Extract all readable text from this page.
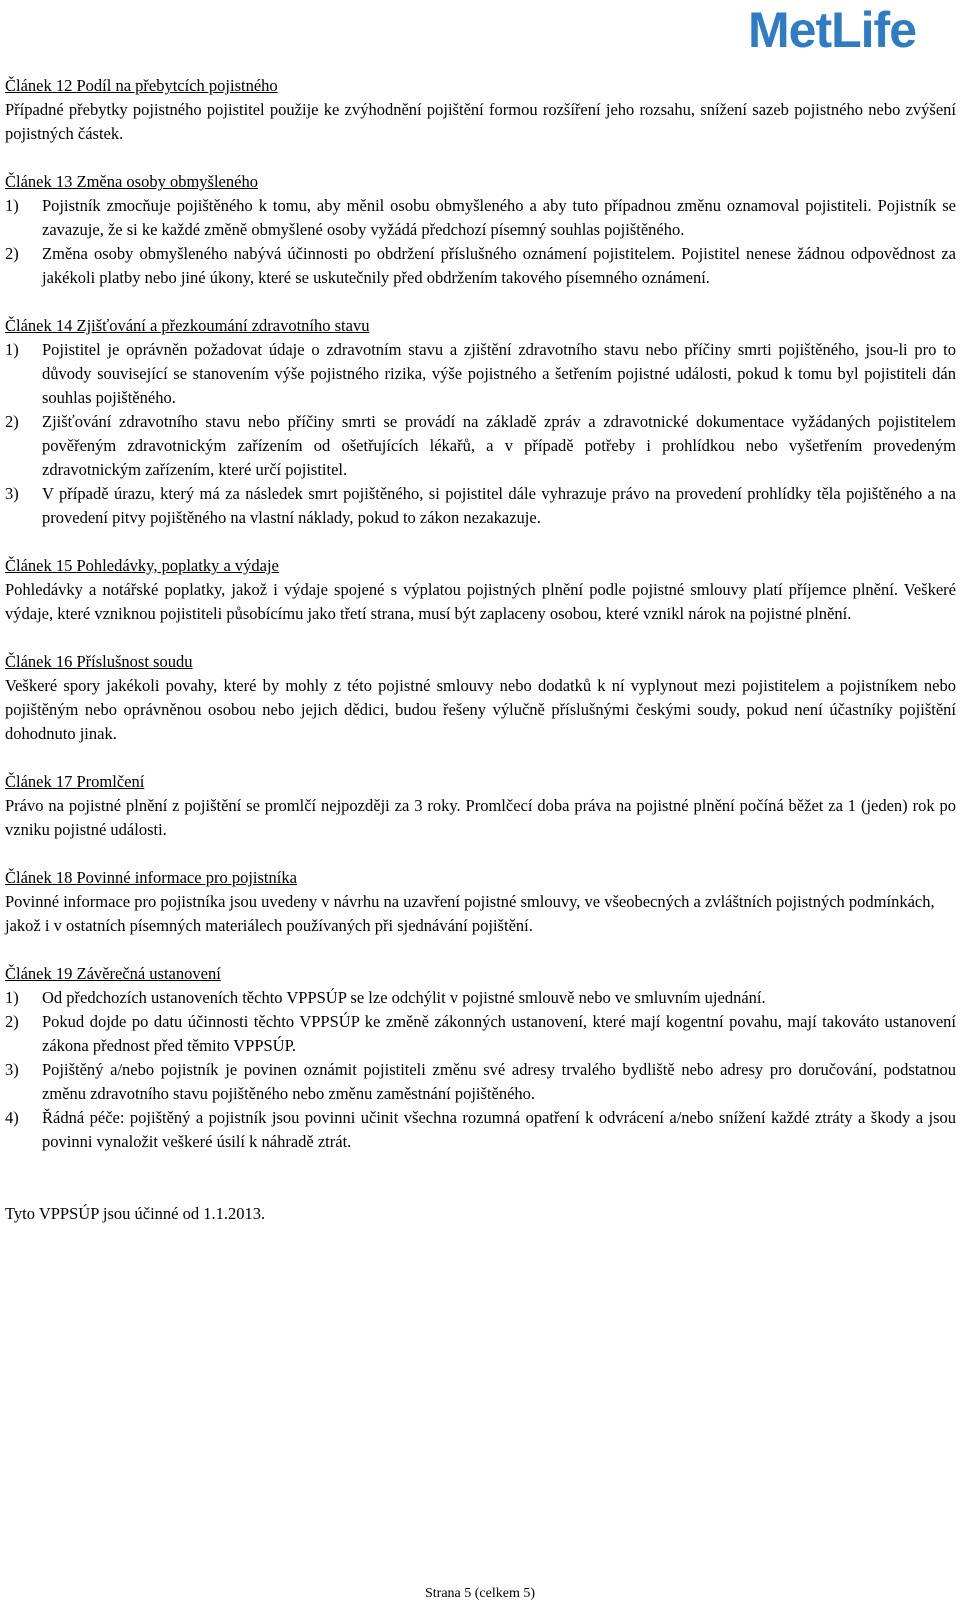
MetLife
Článek 12 Podíl na přebytcích pojistného
Případné přebytky pojistného pojistitel použije ke zvýhodnění pojištění formou rozšíření jeho rozsahu, snížení sazeb pojistného nebo zvýšení pojistných částek.
Článek 13 Změna osoby obmyšleného
1)	Pojistník zmocňuje pojištěného k tomu, aby měnil osobu obmyšleného a aby tuto případnou změnu oznamoval pojistiteli. Pojistník se zavazuje, že si ke každé změně obmyšlené osoby vyžádá předchozí písemný souhlas pojištěného.
2)	Změna osoby obmyšleného nabývá účinnosti po obdržení příslušného oznámení pojistitelem. Pojistitel nenese žádnou odpovědnost za jakékoli platby nebo jiné úkony, které se uskutečnily před obdržením takového písemného oznámení.
Článek 14 Zjišťování a přezkoumání zdravotního stavu
1)	Pojistitel je oprávněn požadovat údaje o zdravotním stavu a zjištění zdravotního stavu nebo příčiny smrti pojištěného, jsou-li pro to důvody související se stanovením výše pojistného rizika, výše pojistného a šetřením pojistné události, pokud k tomu byl pojistiteli dán souhlas pojištěného.
2)	Zjišťování zdravotního stavu nebo příčiny smrti se provádí na základě zpráv a zdravotnické dokumentace vyžádaných pojistitelem pověřeným zdravotnickým zařízením od ošetřujících lékařů, a v případě potřeby i prohlídkou nebo vyšetřením provedeným zdravotnickým zařízením, které určí pojistitel.
3)	V případě úrazu, který má za následek smrt pojištěného, si pojistitel dále vyhrazuje právo na provedení prohlídky těla pojištěného a na provedení pitvy pojištěného na vlastní náklady, pokud to zákon nezakazuje.
Článek 15 Pohledávky, poplatky a výdaje
Pohledávky a notářské poplatky, jakož i výdaje spojené s výplatou pojistných plnění podle pojistné smlouvy platí příjemce plnění. Veškeré výdaje, které vzniknou pojistiteli působícímu jako třetí strana, musí být zaplaceny osobou, které vznikl nárok na pojistné plnění.
Článek 16 Příslušnost soudu
Veškeré spory jakékoli povahy, které by mohly z této pojistné smlouvy nebo dodatků k ní vyplynout mezi pojistitelem a pojistníkem nebo pojištěným nebo oprávněnou osobou nebo jejich dědici, budou řešeny výlučně příslušnými českými soudy, pokud není účastníky pojištění dohodnuto jinak.
Článek 17 Promlčení
Právo na pojistné plnění z pojištění se promlčí nejpozději za 3 roky. Promlčecí doba práva na pojistné plnění počíná běžet za 1 (jeden) rok po vzniku pojistné události.
Článek 18 Povinné informace pro pojistníka
Povinné informace pro pojistníka jsou uvedeny v návrhu na uzavření pojistné smlouvy, ve všeobecných a zvláštních pojistných podmínkách, jakož i v ostatních písemných materiálech používaných při sjednávání pojištění.
Článek 19 Závěrečná ustanovení
1)	Od předchozích ustanoveních těchto VPPSÚP se lze odchýlit v pojistné smlouvě nebo ve smluvním ujednání.
2)	Pokud dojde po datu účinnosti těchto VPPSÚP ke změně zákonných ustanovení, které mají kogentní povahu, mají takováto ustanovení zákona přednost před těmito VPPSÚP.
3)	Pojištěný a/nebo pojistník je povinen oznámit pojistiteli změnu své adresy trvalého bydliště nebo adresy pro doručování, podstatnou změnu zdravotního stavu pojištěného nebo změnu zaměstnání pojištěného.
4)	Řádná péče: pojištěný a pojistník jsou povinni učinit všechna rozumná opatření k odvrácení a/nebo snížení každé ztráty a škody a jsou povinni vynaložit veškeré úsilí k náhradě ztrát.
Tyto VPPSÚP jsou účinné od 1.1.2013.
Strana 5 (celkem 5)
